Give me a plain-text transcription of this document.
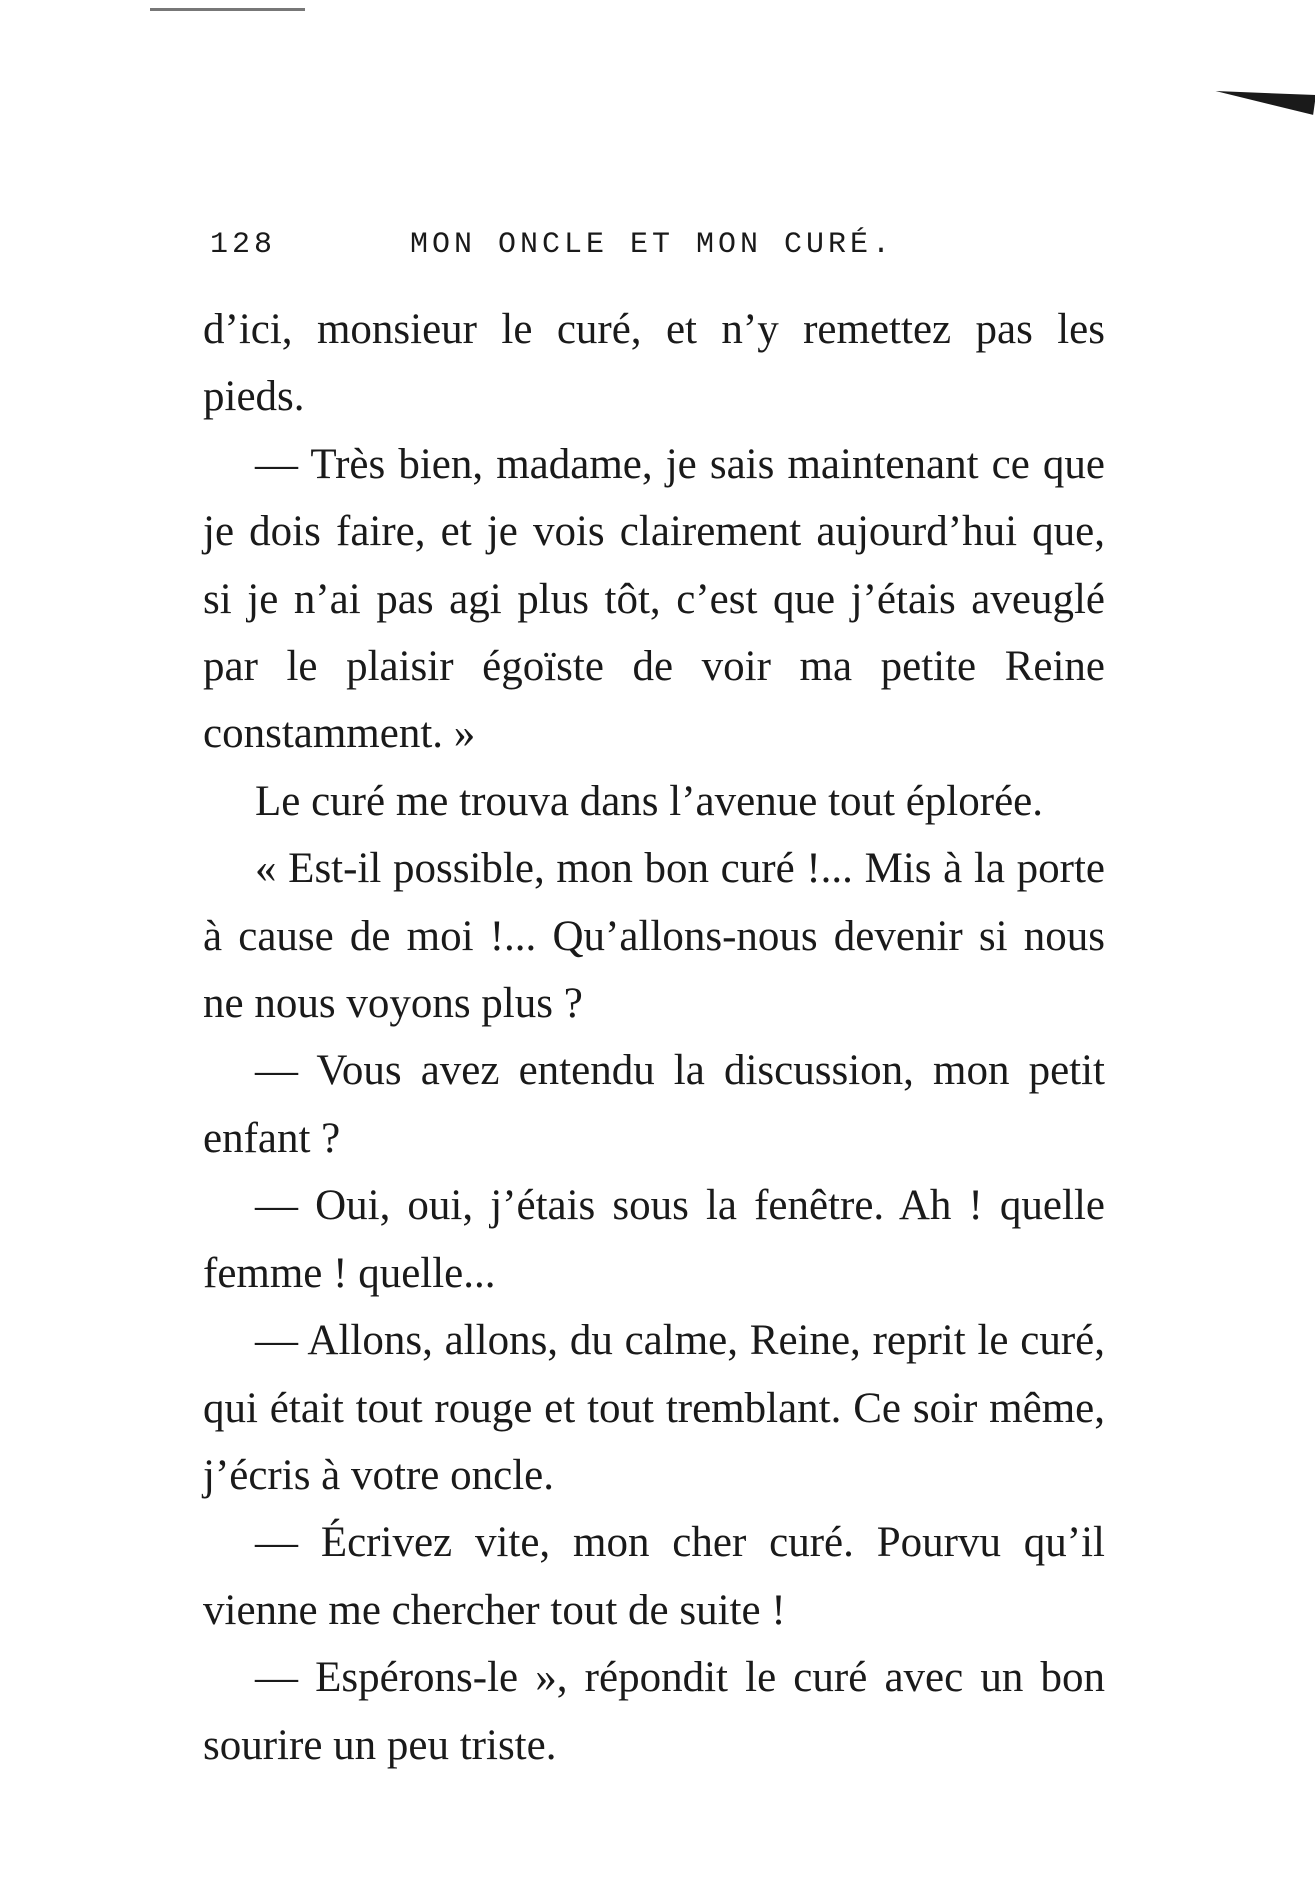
128	MON ONCLE ET MON CURÉ.

d’ici, monsieur le curé, et n’y remettez pas les pieds.

— Très bien, madame, je sais maintenant ce que je dois faire, et je vois clairement aujourd’hui que, si je n’ai pas agi plus tôt, c’est que j’étais aveuglé par le plaisir égoïste de voir ma petite Reine constamment. »

Le curé me trouva dans l’avenue tout éplorée.

« Est-il possible, mon bon curé !... Mis à la porte à cause de moi !... Qu’allons-nous devenir si nous ne nous voyons plus ?

— Vous avez entendu la discussion, mon petit enfant ?

— Oui, oui, j’étais sous la fenêtre. Ah ! quelle femme ! quelle...

— Allons, allons, du calme, Reine, reprit le curé, qui était tout rouge et tout tremblant. Ce soir même, j’écris à votre oncle.

— Écrivez vite, mon cher curé. Pourvu qu’il vienne me chercher tout de suite !

— Espérons-le », répondit le curé avec un bon sourire un peu triste.
